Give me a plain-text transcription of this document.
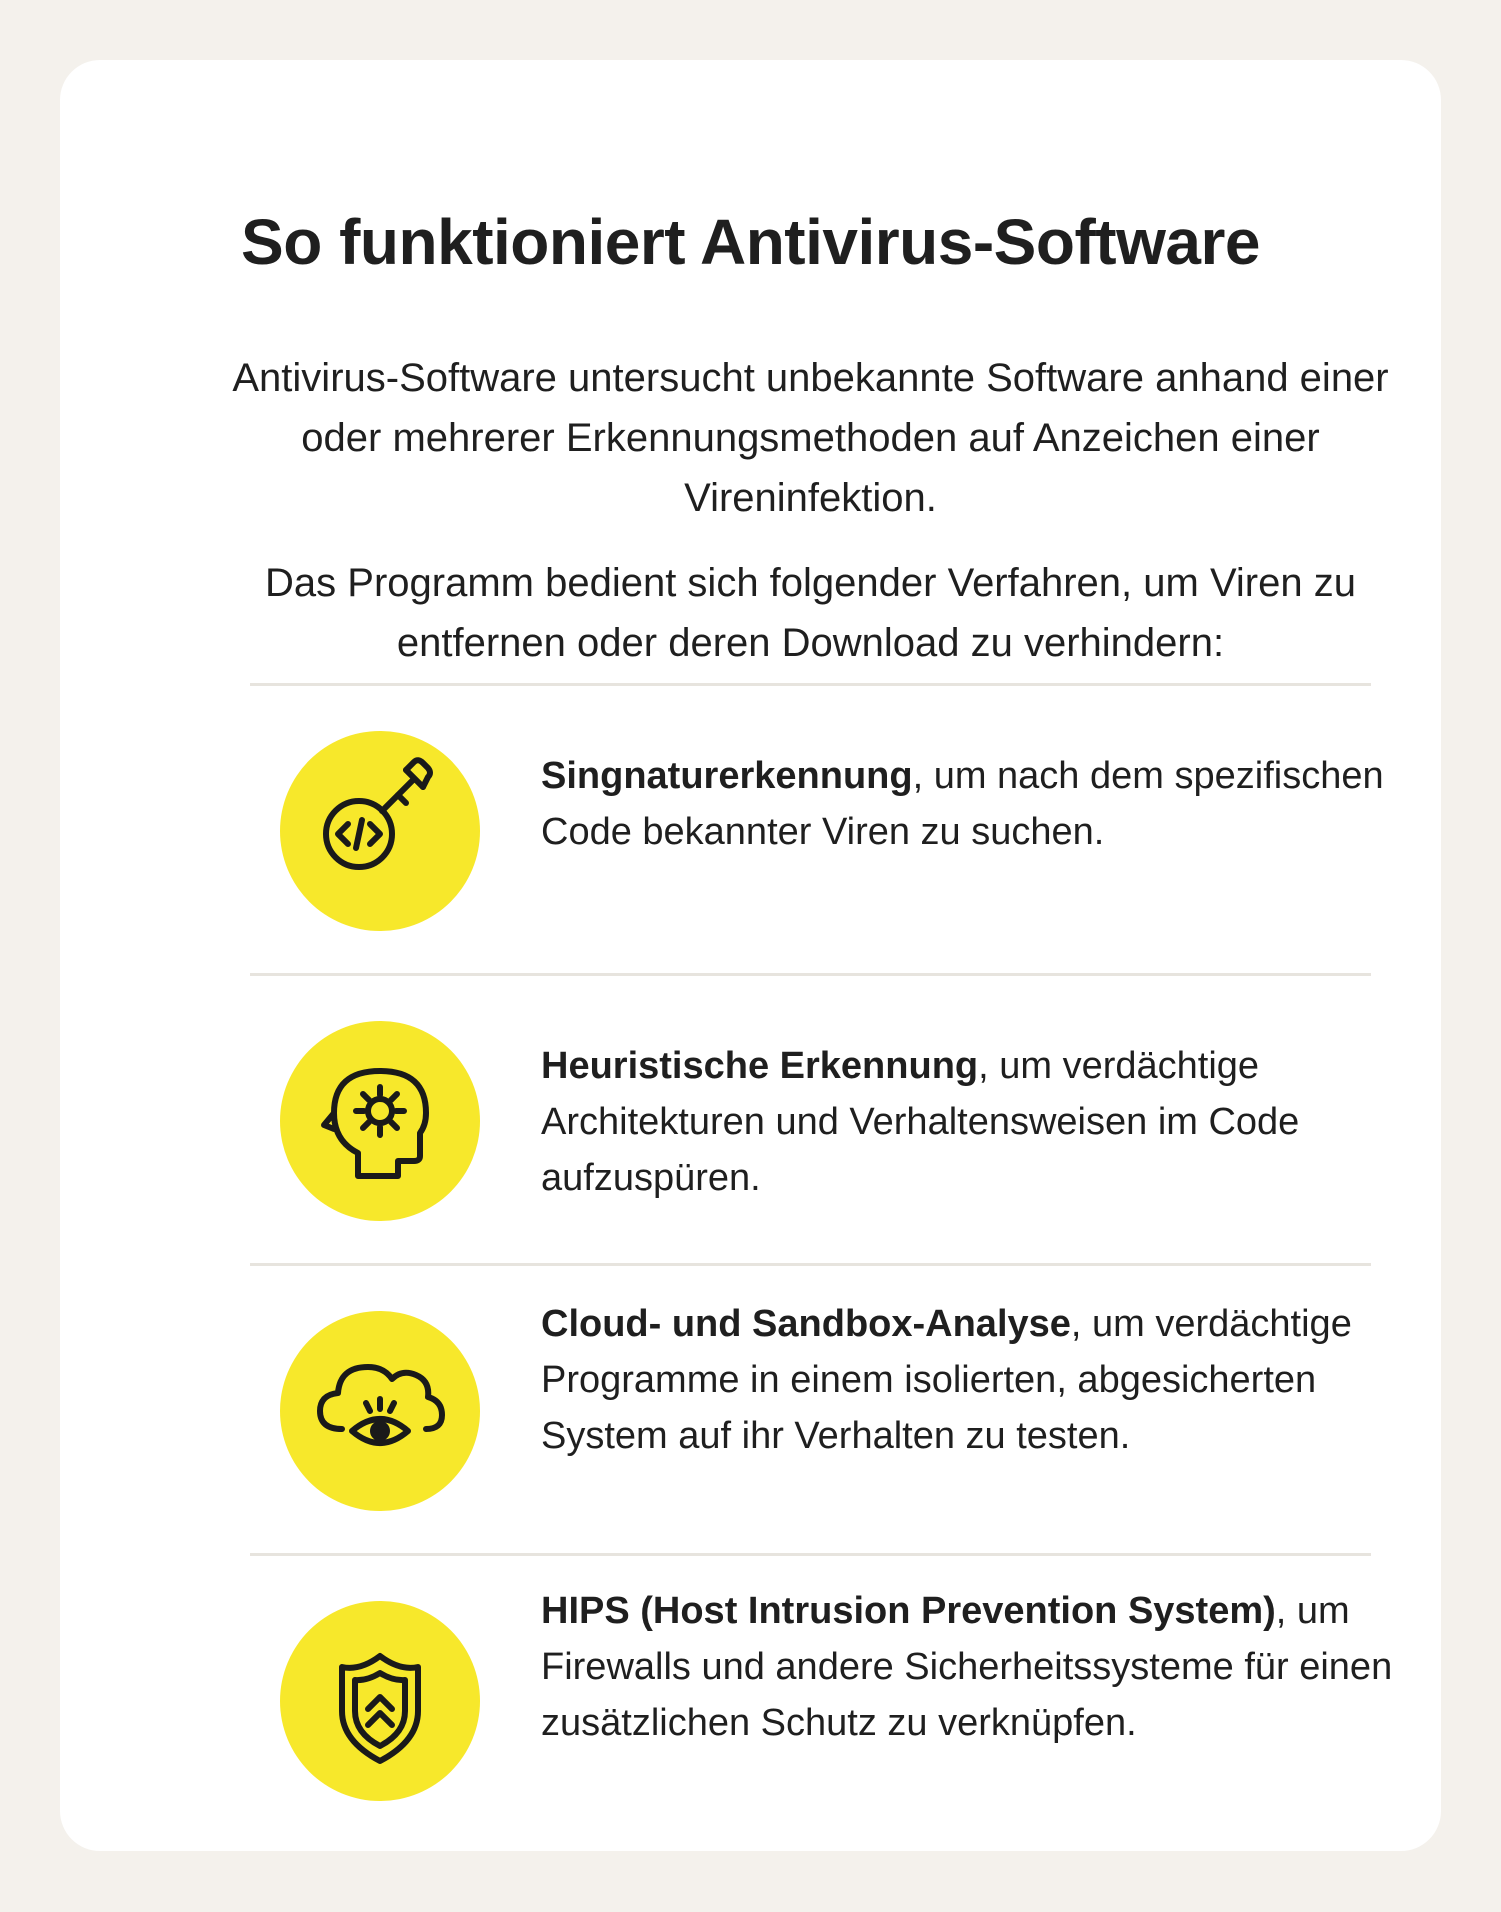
So funktioniert Antivirus-Software

Antivirus-Software untersucht unbekannte Software anhand einer oder mehrerer Erkennungsmethoden auf Anzeichen einer Vireninfektion.

Das Programm bedient sich folgender Verfahren, um Viren zu entfernen oder deren Download zu verhindern:

Singnaturerkennung, um nach dem spezifischen Code bekannter Viren zu suchen.

Heuristische Erkennung, um verdächtige Architekturen und Verhaltensweisen im Code aufzuspüren.

Cloud- und Sandbox-Analyse, um verdächtige Programme in einem isolierten, abgesicherten System auf ihr Verhalten zu testen.

HIPS (Host Intrusion Prevention System), um Firewalls und andere Sicherheitssysteme für einen zusätzlichen Schutz zu verknüpfen.
